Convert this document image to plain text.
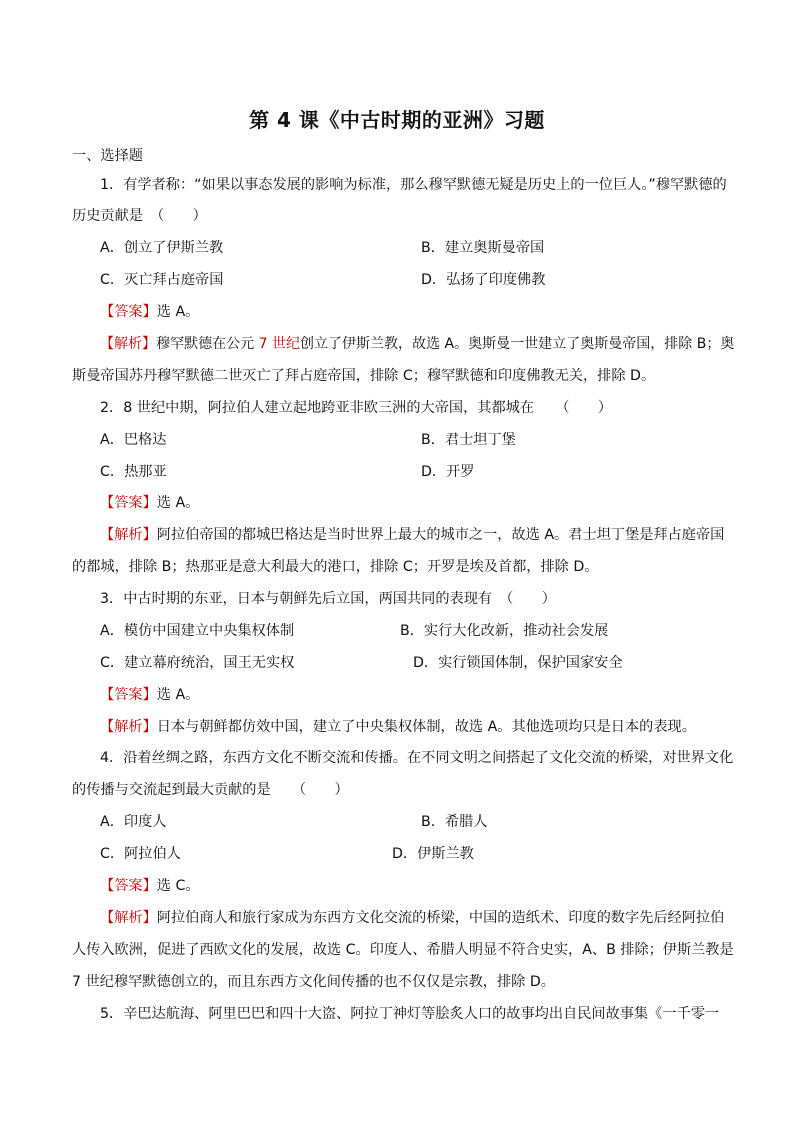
第 4 课《中古时期的亚洲》习题
一、选择题
1．有学者称：“如果以事态发展的影响为标准，那么穆罕默德无疑是历史上的一位巨人。”穆罕默德的
历史贡献是　（　　）
A．创立了伊斯兰教	B．建立奥斯曼帝国
C．灭亡拜占庭帝国	D．弘扬了印度佛教
【答案】选 A。
【解析】穆罕默德在公元 7 世纪创立了伊斯兰教，故选 A。奥斯曼一世建立了奥斯曼帝国，排除 B；奥
斯曼帝国苏丹穆罕默德二世灭亡了拜占庭帝国，排除 C；穆罕默德和印度佛教无关，排除 D。
2．8 世纪中期，阿拉伯人建立起地跨亚非欧三洲的大帝国，其都城在　　（　　）
A．巴格达	B．君士坦丁堡
C．热那亚	D．开罗
【答案】选 A。
【解析】阿拉伯帝国的都城巴格达是当时世界上最大的城市之一，故选 A。君士坦丁堡是拜占庭帝国
的都城，排除 B；热那亚是意大利最大的港口，排除 C；开罗是埃及首都，排除 D。
3．中古时期的东亚，日本与朝鲜先后立国，两国共同的表现有　（　　）
A．模仿中国建立中央集权体制	B．实行大化改新，推动社会发展
C．建立幕府统治，国王无实权	D．实行锁国体制，保护国家安全
【答案】选 A。
【解析】日本与朝鲜都仿效中国，建立了中央集权体制，故选 A。其他选项均只是日本的表现。
4．沿着丝绸之路，东西方文化不断交流和传播。在不同文明之间搭起了文化交流的桥梁，对世界文化
的传播与交流起到最大贡献的是　　（　　）
A．印度人	B．希腊人
C．阿拉伯人	D．伊斯兰教
【答案】选 C。
【解析】阿拉伯商人和旅行家成为东西方文化交流的桥梁，中国的造纸术、印度的数字先后经阿拉伯
人传入欧洲，促进了西欧文化的发展，故选 C。印度人、希腊人明显不符合史实，A、B 排除；伊斯兰教是
7 世纪穆罕默德创立的，而且东西方文化间传播的也不仅仅是宗教，排除 D。
5．辛巴达航海、阿里巴巴和四十大盗、阿拉丁神灯等脍炙人口的故事均出自民间故事集《一千零一
